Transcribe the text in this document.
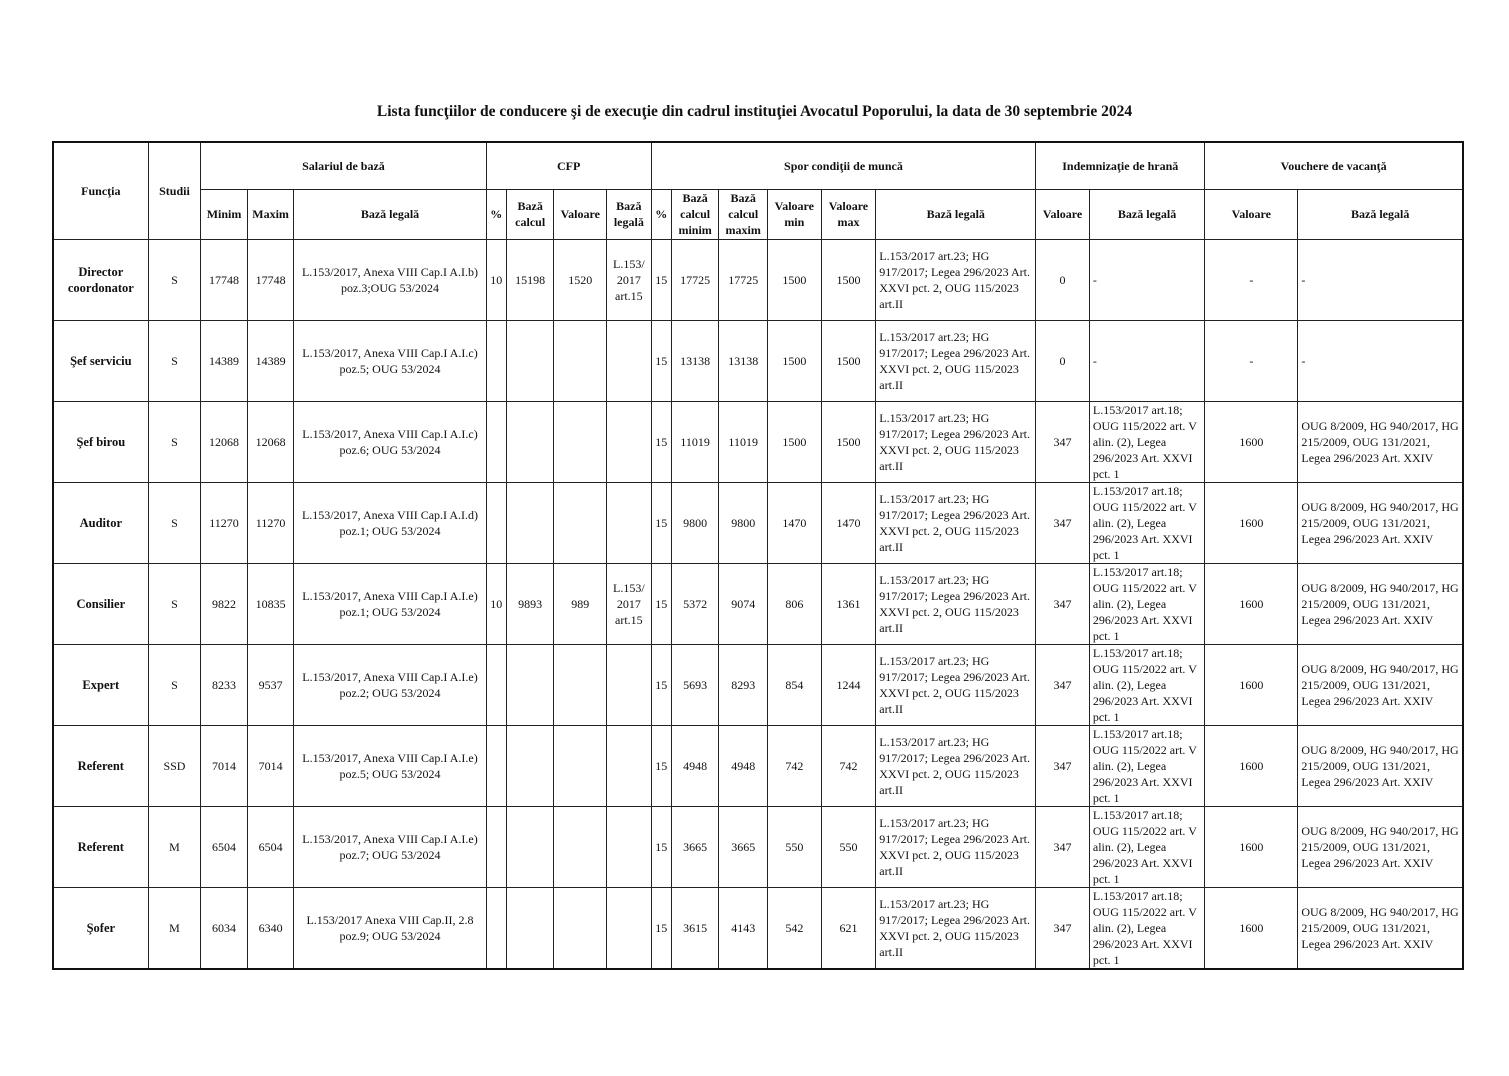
Lista funcţiilor de conducere şi de execuţie din cadrul instituţiei Avocatul Poporului, la data de 30 septembrie 2024
Funcţia	Studii	Salariul de bază			CFP				Spor condiţii de muncă						Indemnizaţie de hrană		Vouchere de vacanţă	
		Minim	Maxim	Bază legală	%	Bază calcul	Valoare	Bază legală	%	Bază calcul minim	Bază calcul maxim	Valoare min	Valoare max	Bază legală	Valoare	Bază legală	Valoare	Bază legală
Director coordonator	S	17748	17748	L.153/2017, Anexa VIII Cap.I A.I.b) poz.3;OUG 53/2024	10	15198	1520	L.153/ 2017 art.15	15	17725	17725	1500	1500	L.153/2017 art.23; HG 917/2017; Legea 296/2023 Art. XXVI pct. 2, OUG 115/2023 art.II	0	-	-	-
Şef serviciu	S	14389	14389	L.153/2017, Anexa VIII Cap.I A.I.c) poz.5; OUG 53/2024					15	13138	13138	1500	1500	L.153/2017 art.23; HG 917/2017; Legea 296/2023 Art. XXVI pct. 2, OUG 115/2023 art.II	0	-	-	-
Şef birou	S	12068	12068	L.153/2017, Anexa VIII Cap.I A.I.c) poz.6; OUG 53/2024					15	11019	11019	1500	1500	L.153/2017 art.23; HG 917/2017; Legea 296/2023 Art. XXVI pct. 2, OUG 115/2023 art.II	347	L.153/2017 art.18; OUG 115/2022 art. V alin. (2), Legea 296/2023 Art. XXVI pct. 1	1600	OUG 8/2009, HG 940/2017, HG 215/2009, OUG 131/2021, Legea 296/2023 Art. XXIV
Auditor	S	11270	11270	L.153/2017, Anexa VIII Cap.I A.I.d) poz.1; OUG 53/2024					15	9800	9800	1470	1470	L.153/2017 art.23; HG 917/2017; Legea 296/2023 Art. XXVI pct. 2, OUG 115/2023 art.II	347	L.153/2017 art.18; OUG 115/2022 art. V alin. (2), Legea 296/2023 Art. XXVI pct. 1	1600	OUG 8/2009, HG 940/2017, HG 215/2009, OUG 131/2021, Legea 296/2023 Art. XXIV
Consilier	S	9822	10835	L.153/2017, Anexa VIII Cap.I A.I.e) poz.1; OUG 53/2024	10	9893	989	L.153/ 2017 art.15	15	5372	9074	806	1361	L.153/2017 art.23; HG 917/2017; Legea 296/2023 Art. XXVI pct. 2, OUG 115/2023 art.II	347	L.153/2017 art.18; OUG 115/2022 art. V alin. (2), Legea 296/2023 Art. XXVI pct. 1	1600	OUG 8/2009, HG 940/2017, HG 215/2009, OUG 131/2021, Legea 296/2023 Art. XXIV
Expert	S	8233	9537	L.153/2017, Anexa VIII Cap.I A.I.e) poz.2; OUG 53/2024					15	5693	8293	854	1244	L.153/2017 art.23; HG 917/2017; Legea 296/2023 Art. XXVI pct. 2, OUG 115/2023 art.II	347	L.153/2017 art.18; OUG 115/2022 art. V alin. (2), Legea 296/2023 Art. XXVI pct. 1	1600	OUG 8/2009, HG 940/2017, HG 215/2009, OUG 131/2021, Legea 296/2023 Art. XXIV
Referent	SSD	7014	7014	L.153/2017, Anexa VIII Cap.I A.I.e) poz.5; OUG 53/2024					15	4948	4948	742	742	L.153/2017 art.23; HG 917/2017; Legea 296/2023 Art. XXVI pct. 2, OUG 115/2023 art.II	347	L.153/2017 art.18; OUG 115/2022 art. V alin. (2), Legea 296/2023 Art. XXVI pct. 1	1600	OUG 8/2009, HG 940/2017, HG 215/2009, OUG 131/2021, Legea 296/2023 Art. XXIV
Referent	M	6504	6504	L.153/2017, Anexa VIII Cap.I A.I.e) poz.7; OUG 53/2024					15	3665	3665	550	550	L.153/2017 art.23; HG 917/2017; Legea 296/2023 Art. XXVI pct. 2, OUG 115/2023 art.II	347	L.153/2017 art.18; OUG 115/2022 art. V alin. (2), Legea 296/2023 Art. XXVI pct. 1	1600	OUG 8/2009, HG 940/2017, HG 215/2009, OUG 131/2021, Legea 296/2023 Art. XXIV
Şofer	M	6034	6340	L.153/2017 Anexa VIII Cap.II, 2.8 poz.9; OUG 53/2024					15	3615	4143	542	621	L.153/2017 art.23; HG 917/2017; Legea 296/2023 Art. XXVI pct. 2, OUG 115/2023 art.II	347	L.153/2017 art.18; OUG 115/2022 art. V alin. (2), Legea 296/2023 Art. XXVI pct. 1	1600	OUG 8/2009, HG 940/2017, HG 215/2009, OUG 131/2021, Legea 296/2023 Art. XXIV
